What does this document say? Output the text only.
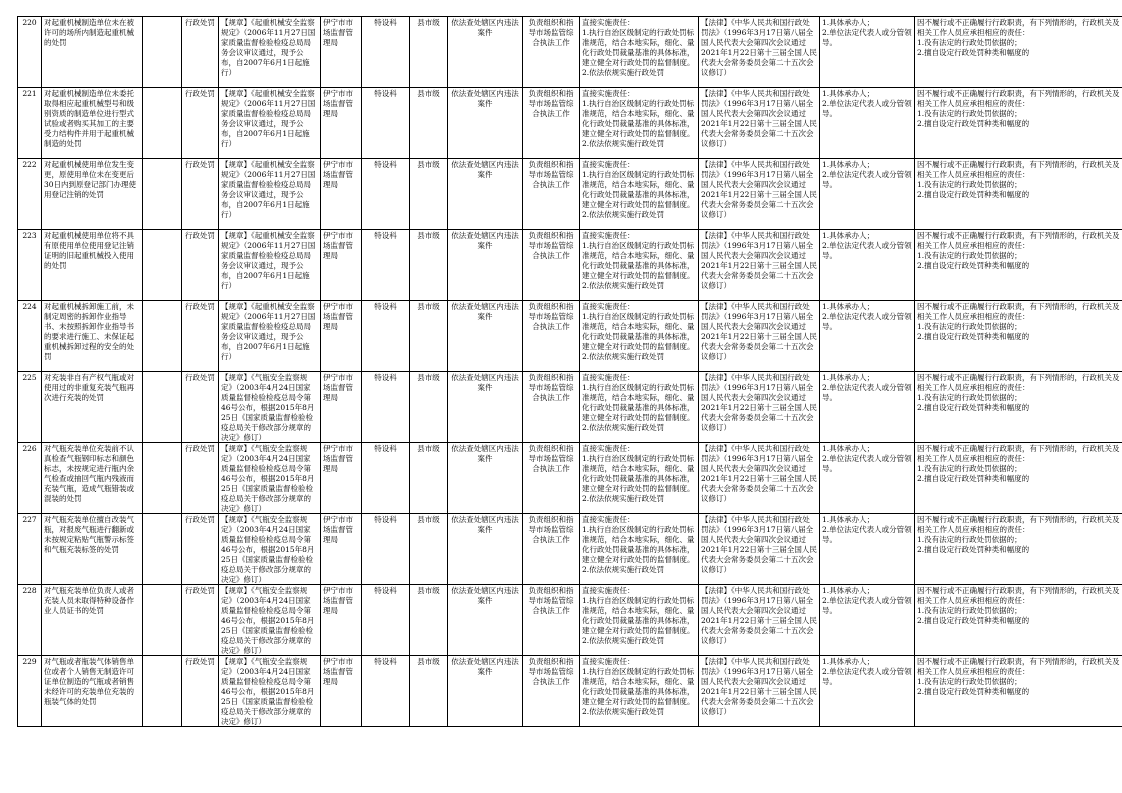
220	对起重机械制造单位未在被许可的场所内制造起重机械的处罚		行政处罚	【规章】《起重机械安全监察规定》（2006年11月27日国家质量监督检验检疫总局局务会议审议通过，现予公布，自2007年6月1日起施行）	伊宁市市场监督管理局	特设科	县市级	依法查处辖区内违法案件	负责组织和指导市场监管综合执法工作	直接实施责任：
1.执行自治区级制定的行政处罚标准规范，结合本地实际，细化、量化行政处罚裁量基准的具体标准，建立健全对行政处罚的监督制度。
2.依法依规实施行政处罚	【法律】《中华人民共和国行政处罚法》（1996年3月17日第八届全国人民代表大会第四次会议通过 2021年1月22日第十三届全国人民代表大会常务委员会第二十五次会议修订）	1.具体承办人；
2.单位法定代表人或分管领导。	因不履行或不正确履行行政职责，有下列情形的，行政机关及相关工作人员应承担相应的责任：
1.没有法定的行政处罚依据的；
2.擅自设定行政处罚种类和幅度的

221	对起重机械制造单位未委托取得相应起重机械型号和级别资质的制造单位进行型式试验或者购买其加工的主要受力结构件并用于起重机械制造的处罚		行政处罚	【规章】《起重机械安全监察规定》（2006年11月27日国家质量监督检验检疫总局局务会议审议通过，现予公布，自2007年6月1日起施行）	伊宁市市场监督管理局	特设科	县市级	依法查处辖区内违法案件	负责组织和指导市场监管综合执法工作	直接实施责任：
1.执行自治区级制定的行政处罚标准规范，结合本地实际，细化、量化行政处罚裁量基准的具体标准，建立健全对行政处罚的监督制度。
2.依法依规实施行政处罚	【法律】《中华人民共和国行政处罚法》（1996年3月17日第八届全国人民代表大会第四次会议通过 2021年1月22日第十三届全国人民代表大会常务委员会第二十五次会议修订）	1.具体承办人；
2.单位法定代表人或分管领导。	因不履行或不正确履行行政职责，有下列情形的，行政机关及相关工作人员应承担相应的责任：
1.没有法定的行政处罚依据的；
2.擅自设定行政处罚种类和幅度的

222	对起重机械使用单位发生变更，原使用单位未在变更后30日内到原登记部门办理使用登记注销的处罚		行政处罚	【规章】《起重机械安全监察规定》（2006年11月27日国家质量监督检验检疫总局局务会议审议通过，现予公布，自2007年6月1日起施行）	伊宁市市场监督管理局	特设科	县市级	依法查处辖区内违法案件	负责组织和指导市场监管综合执法工作	直接实施责任：
1.执行自治区级制定的行政处罚标准规范，结合本地实际，细化、量化行政处罚裁量基准的具体标准，建立健全对行政处罚的监督制度。
2.依法依规实施行政处罚	【法律】《中华人民共和国行政处罚法》（1996年3月17日第八届全国人民代表大会第四次会议通过 2021年1月22日第十三届全国人民代表大会常务委员会第二十五次会议修订）	1.具体承办人；
2.单位法定代表人或分管领导。	因不履行或不正确履行行政职责，有下列情形的，行政机关及相关工作人员应承担相应的责任：
1.没有法定的行政处罚依据的；
2.擅自设定行政处罚种类和幅度的

223	对起重机械使用单位将不具有原使用单位使用登记注销证明的旧起重机械投入使用的处罚		行政处罚	【规章】《起重机械安全监察规定》（2006年11月27日国家质量监督检验检疫总局局务会议审议通过，现予公布，自2007年6月1日起施行）	伊宁市市场监督管理局	特设科	县市级	依法查处辖区内违法案件	负责组织和指导市场监管综合执法工作	直接实施责任：
1.执行自治区级制定的行政处罚标准规范，结合本地实际，细化、量化行政处罚裁量基准的具体标准，建立健全对行政处罚的监督制度。
2.依法依规实施行政处罚	【法律】《中华人民共和国行政处罚法》（1996年3月17日第八届全国人民代表大会第四次会议通过 2021年1月22日第十三届全国人民代表大会常务委员会第二十五次会议修订）	1.具体承办人；
2.单位法定代表人或分管领导。	因不履行或不正确履行行政职责，有下列情形的，行政机关及相关工作人员应承担相应的责任：
1.没有法定的行政处罚依据的；
2.擅自设定行政处罚种类和幅度的

224	对起重机械拆卸施工前，未制定周密的拆卸作业指导书、未按照拆卸作业指导书的要求进行施工、未保证起重机械拆卸过程的安全的处罚		行政处罚	【规章】《起重机械安全监察规定》（2006年11月27日国家质量监督检验检疫总局局务会议审议通过，现予公布，自2007年6月1日起施行）	伊宁市市场监督管理局	特设科	县市级	依法查处辖区内违法案件	负责组织和指导市场监管综合执法工作	直接实施责任：
1.执行自治区级制定的行政处罚标准规范，结合本地实际，细化、量化行政处罚裁量基准的具体标准，建立健全对行政处罚的监督制度。
2.依法依规实施行政处罚	【法律】《中华人民共和国行政处罚法》（1996年3月17日第八届全国人民代表大会第四次会议通过 2021年1月22日第十三届全国人民代表大会常务委员会第二十五次会议修订）	1.具体承办人；
2.单位法定代表人或分管领导。	因不履行或不正确履行行政职责，有下列情形的，行政机关及相关工作人员应承担相应的责任：
1.没有法定的行政处罚依据的；
2.擅自设定行政处罚种类和幅度的

225	对充装非自有产权气瓶或对使用过的非重复充装气瓶再次进行充装的处罚		行政处罚	【规章】《气瓶安全监察规定》（2003年4月24日国家质量监督检验检疫总局令第46号公布，根据2015年8月25日《国家质量监督检验检疫总局关于修改部分规章的决定》修订）	伊宁市市场监督管理局	特设科	县市级	依法查处辖区内违法案件	负责组织和指导市场监管综合执法工作	直接实施责任：
1.执行自治区级制定的行政处罚标准规范，结合本地实际，细化、量化行政处罚裁量基准的具体标准，建立健全对行政处罚的监督制度。
2.依法依规实施行政处罚	【法律】《中华人民共和国行政处罚法》（1996年3月17日第八届全国人民代表大会第四次会议通过 2021年1月22日第十三届全国人民代表大会常务委员会第二十五次会议修订）	1.具体承办人；
2.单位法定代表人或分管领导。	因不履行或不正确履行行政职责，有下列情形的，行政机关及相关工作人员应承担相应的责任：
1.没有法定的行政处罚依据的；
2.擅自设定行政处罚种类和幅度的

226	对气瓶充装单位充装前不认真检查气瓶钢印标志和颜色标志，未按规定进行瓶内余气检查或抽回气瓶内残液而充装气瓶，造成气瓶错装或混装的处罚		行政处罚	【规章】《气瓶安全监察规定》（2003年4月24日国家质量监督检验检疫总局令第46号公布，根据2015年8月25日《国家质量监督检验检疫总局关于修改部分规章的决定》修订）	伊宁市市场监督管理局	特设科	县市级	依法查处辖区内违法案件	负责组织和指导市场监管综合执法工作	直接实施责任：
1.执行自治区级制定的行政处罚标准规范，结合本地实际，细化、量化行政处罚裁量基准的具体标准，建立健全对行政处罚的监督制度。
2.依法依规实施行政处罚	【法律】《中华人民共和国行政处罚法》（1996年3月17日第八届全国人民代表大会第四次会议通过 2021年1月22日第十三届全国人民代表大会常务委员会第二十五次会议修订）	1.具体承办人；
2.单位法定代表人或分管领导。	因不履行或不正确履行行政职责，有下列情形的，行政机关及相关工作人员应承担相应的责任：
1.没有法定的行政处罚依据的；
2.擅自设定行政处罚种类和幅度的

227	对气瓶充装单位擅自改装气瓶，对报废气瓶进行翻新或未按规定粘贴气瓶警示标签和气瓶充装标签的处罚		行政处罚	【规章】《气瓶安全监察规定》（2003年4月24日国家质量监督检验检疫总局令第46号公布，根据2015年8月25日《国家质量监督检验检疫总局关于修改部分规章的决定》修订）	伊宁市市场监督管理局	特设科	县市级	依法查处辖区内违法案件	负责组织和指导市场监管综合执法工作	直接实施责任：
1.执行自治区级制定的行政处罚标准规范，结合本地实际，细化、量化行政处罚裁量基准的具体标准，建立健全对行政处罚的监督制度。
2.依法依规实施行政处罚	【法律】《中华人民共和国行政处罚法》（1996年3月17日第八届全国人民代表大会第四次会议通过 2021年1月22日第十三届全国人民代表大会常务委员会第二十五次会议修订）	1.具体承办人；
2.单位法定代表人或分管领导。	因不履行或不正确履行行政职责，有下列情形的，行政机关及相关工作人员应承担相应的责任：
1.没有法定的行政处罚依据的；
2.擅自设定行政处罚种类和幅度的

228	对气瓶充装单位负责人或者充装人员未取得特种设备作业人员证书的处罚		行政处罚	【规章】《气瓶安全监察规定》（2003年4月24日国家质量监督检验检疫总局令第46号公布，根据2015年8月25日《国家质量监督检验检疫总局关于修改部分规章的决定》修订）	伊宁市市场监督管理局	特设科	县市级	依法查处辖区内违法案件	负责组织和指导市场监管综合执法工作	直接实施责任：
1.执行自治区级制定的行政处罚标准规范，结合本地实际，细化、量化行政处罚裁量基准的具体标准，建立健全对行政处罚的监督制度。
2.依法依规实施行政处罚	【法律】《中华人民共和国行政处罚法》（1996年3月17日第八届全国人民代表大会第四次会议通过 2021年1月22日第十三届全国人民代表大会常务委员会第二十五次会议修订）	1.具体承办人；
2.单位法定代表人或分管领导。	因不履行或不正确履行行政职责，有下列情形的，行政机关及相关工作人员应承担相应的责任：
1.没有法定的行政处罚依据的；
2.擅自设定行政处罚种类和幅度的

229	对气瓶或者瓶装气体销售单位或者个人销售无制造许可证单位制造的气瓶或者销售未经许可的充装单位充装的瓶装气体的处罚		行政处罚	【规章】《气瓶安全监察规定》（2003年4月24日国家质量监督检验检疫总局令第46号公布，根据2015年8月25日《国家质量监督检验检疫总局关于修改部分规章的决定》修订）	伊宁市市场监督管理局	特设科	县市级	依法查处辖区内违法案件	负责组织和指导市场监管综合执法工作	直接实施责任：
1.执行自治区级制定的行政处罚标准规范，结合本地实际，细化、量化行政处罚裁量基准的具体标准，建立健全对行政处罚的监督制度。
2.依法依规实施行政处罚	【法律】《中华人民共和国行政处罚法》（1996年3月17日第八届全国人民代表大会第四次会议通过 2021年1月22日第十三届全国人民代表大会常务委员会第二十五次会议修订）	1.具体承办人；
2.单位法定代表人或分管领导。	因不履行或不正确履行行政职责，有下列情形的，行政机关及相关工作人员应承担相应的责任：
1.没有法定的行政处罚依据的；
2.擅自设定行政处罚种类和幅度的
